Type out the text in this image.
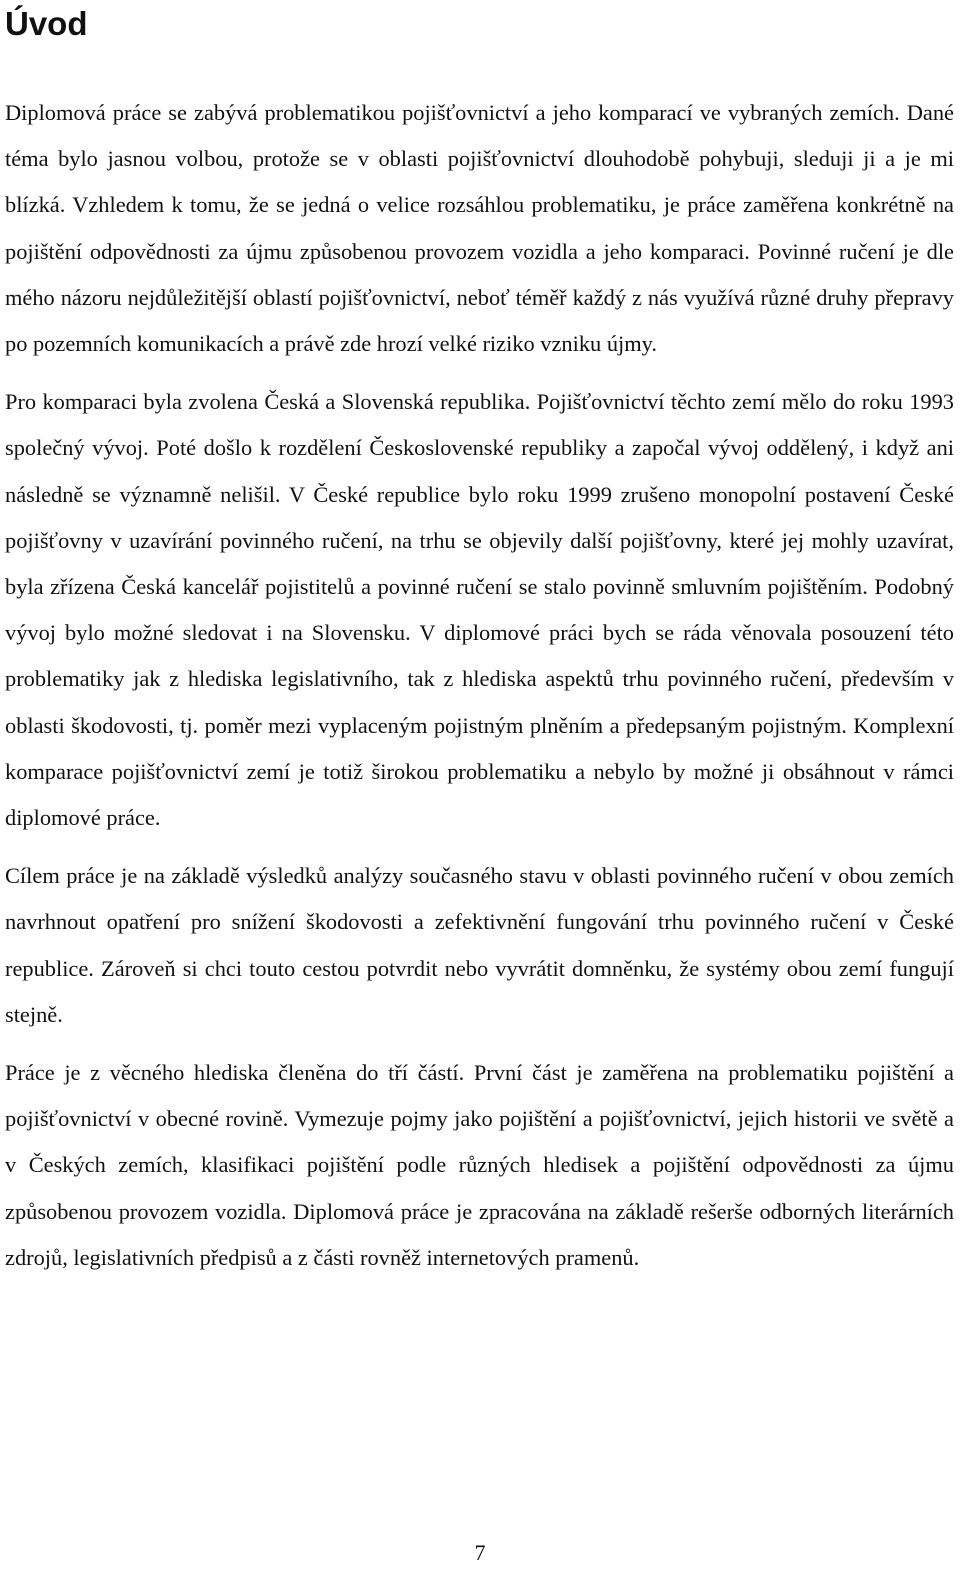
Úvod

Diplomová práce se zabývá problematikou pojišťovnictví a jeho komparací ve vybraných zemích. Dané téma bylo jasnou volbou, protože se v oblasti pojišťovnictví dlouhodobě pohybuji, sleduji ji a je mi blízká. Vzhledem k tomu, že se jedná o velice rozsáhlou problematiku, je práce zaměřena konkrétně na pojištění odpovědnosti za újmu způsobenou provozem vozidla a jeho komparaci. Povinné ručení je dle mého názoru nejdůležitější oblastí pojišťovnictví, neboť téměř každý z nás využívá různé druhy přepravy po pozemních komunikacích a právě zde hrozí velké riziko vzniku újmy.

Pro komparaci byla zvolena Česká a Slovenská republika. Pojišťovnictví těchto zemí mělo do roku 1993 společný vývoj. Poté došlo k rozdělení Československé republiky a započal vývoj oddělený, i když ani následně se významně nelišil. V České republice bylo roku 1999 zrušeno monopolní postavení České pojišťovny v uzavírání povinného ručení, na trhu se objevily další pojišťovny, které jej mohly uzavírat, byla zřízena Česká kancelář pojistitelů a povinné ručení se stalo povinně smluvním pojištěním. Podobný vývoj bylo možné sledovat i na Slovensku. V diplomové práci bych se ráda věnovala posouzení této problematiky jak z hlediska legislativního, tak z hlediska aspektů trhu povinného ručení, především v oblasti škodovosti, tj. poměr mezi vyplaceným pojistným plněním a předepsaným pojistným. Komplexní komparace pojišťovnictví zemí je totiž širokou problematiku a nebylo by možné ji obsáhnout v rámci diplomové práce.

Cílem práce je na základě výsledků analýzy současného stavu v oblasti povinného ručení v obou zemích navrhnout opatření pro snížení škodovosti a zefektivnění fungování trhu povinného ručení v České republice. Zároveň si chci touto cestou potvrdit nebo vyvrátit domněnku, že systémy obou zemí fungují stejně.

Práce je z věcného hlediska členěna do tří částí. První část je zaměřena na problematiku pojištění a pojišťovnictví v obecné rovině. Vymezuje pojmy jako pojištění a pojišťovnictví, jejich historii ve světě a v Českých zemích, klasifikaci pojištění podle různých hledisek a pojištění odpovědnosti za újmu způsobenou provozem vozidla. Diplomová práce je zpracována na základě rešerše odborných literárních zdrojů, legislativních předpisů a z části rovněž internetových pramenů.

7
